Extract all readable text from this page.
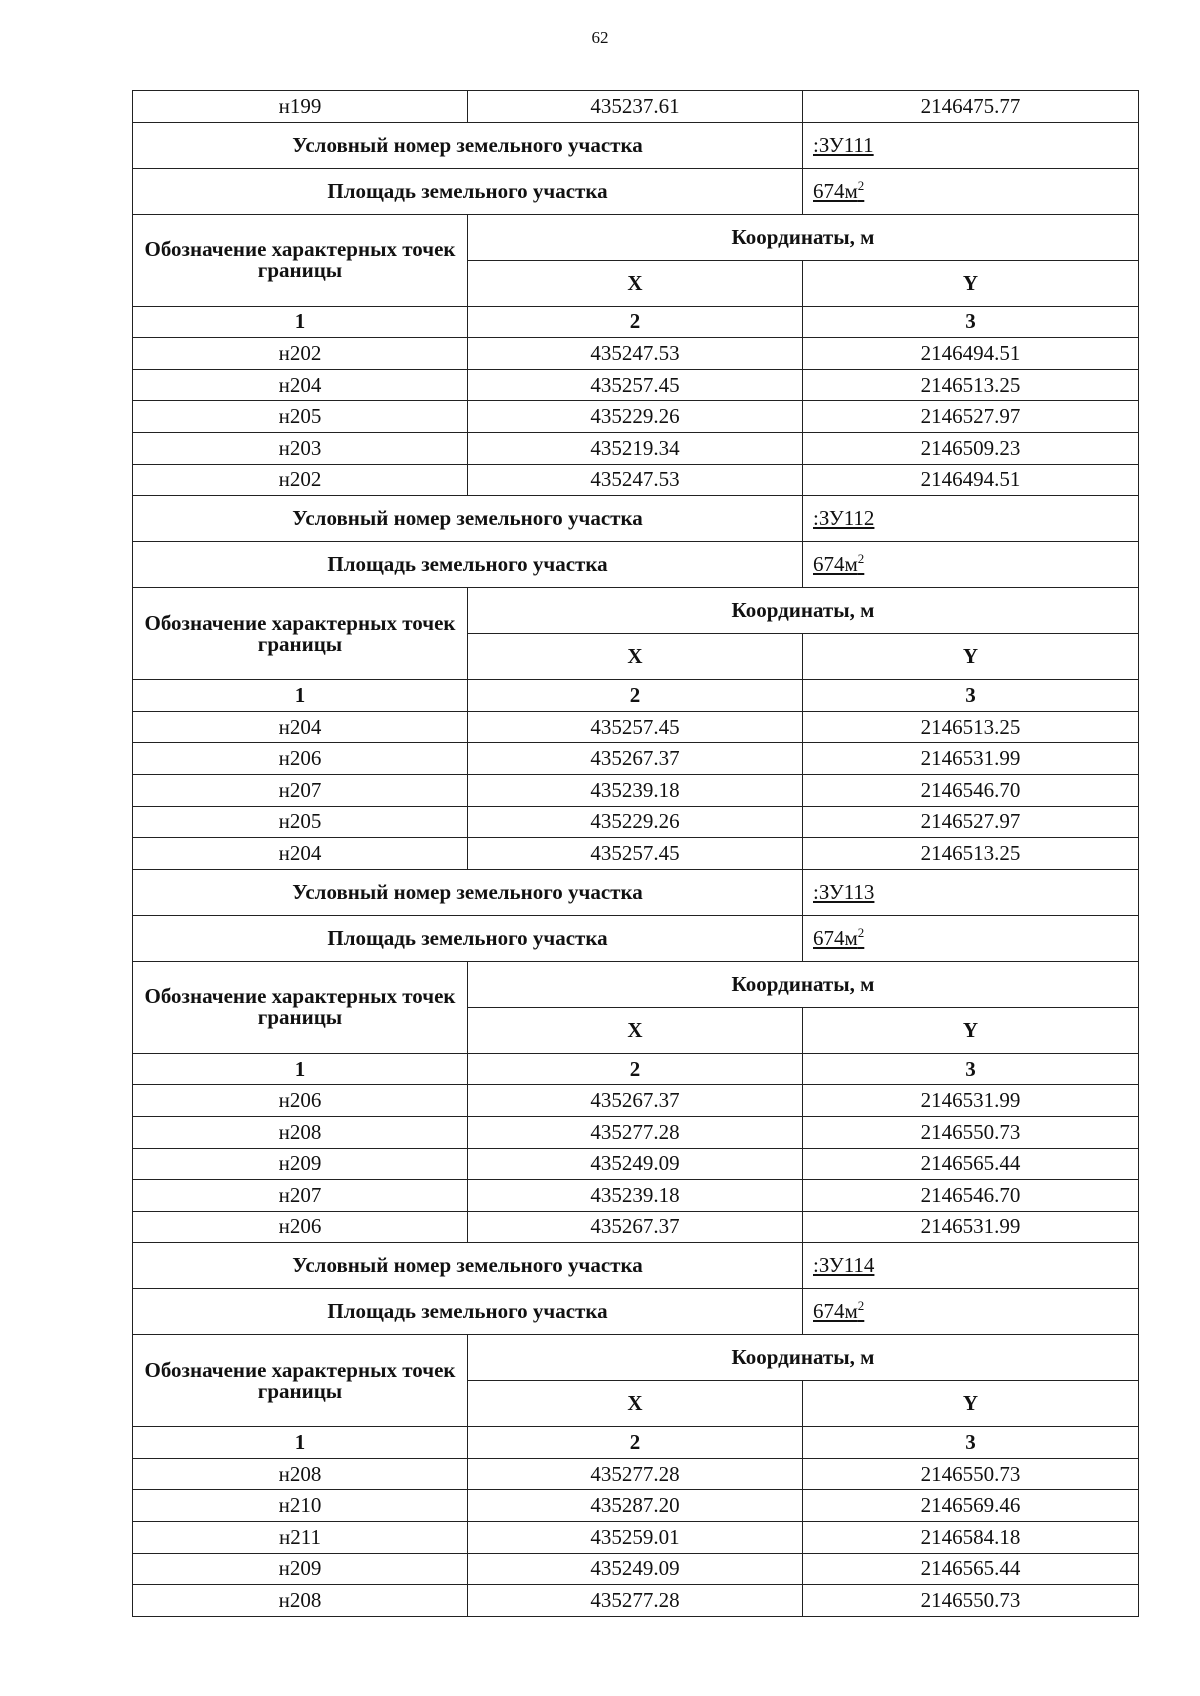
62
н199	435237.61	2146475.77
Условный номер земельного участка		:ЗУ111
Площадь земельного участка		$674м^2$
Обозначение характерных точек границы	Координаты, м	
	X	Y
1	2	3
н202	435247.53	2146494.51
н204	435257.45	2146513.25
н205	435229.26	2146527.97
н203	435219.34	2146509.23
н202	435247.53	2146494.51
Условный номер земельного участка		:ЗУ112
Площадь земельного участка		$674м^2$
Обозначение характерных точек границы	Координаты, м	
	X	Y
1	2	3
н204	435257.45	2146513.25
н206	435267.37	2146531.99
н207	435239.18	2146546.70
н205	435229.26	2146527.97
н204	435257.45	2146513.25
Условный номер земельного участка		:ЗУ113
Площадь земельного участка		$674м^2$
Обозначение характерных точек границы	Координаты, м	
	X	Y
1	2	3
н206	435267.37	2146531.99
н208	435277.28	2146550.73
н209	435249.09	2146565.44
н207	435239.18	2146546.70
н206	435267.37	2146531.99
Условный номер земельного участка		:ЗУ114
Площадь земельного участка		$674м^2$
Обозначение характерных точек границы	Координаты, м	
	X	Y
1	2	3
н208	435277.28	2146550.73
н210	435287.20	2146569.46
н211	435259.01	2146584.18
н209	435249.09	2146565.44
н208	435277.28	2146550.73
